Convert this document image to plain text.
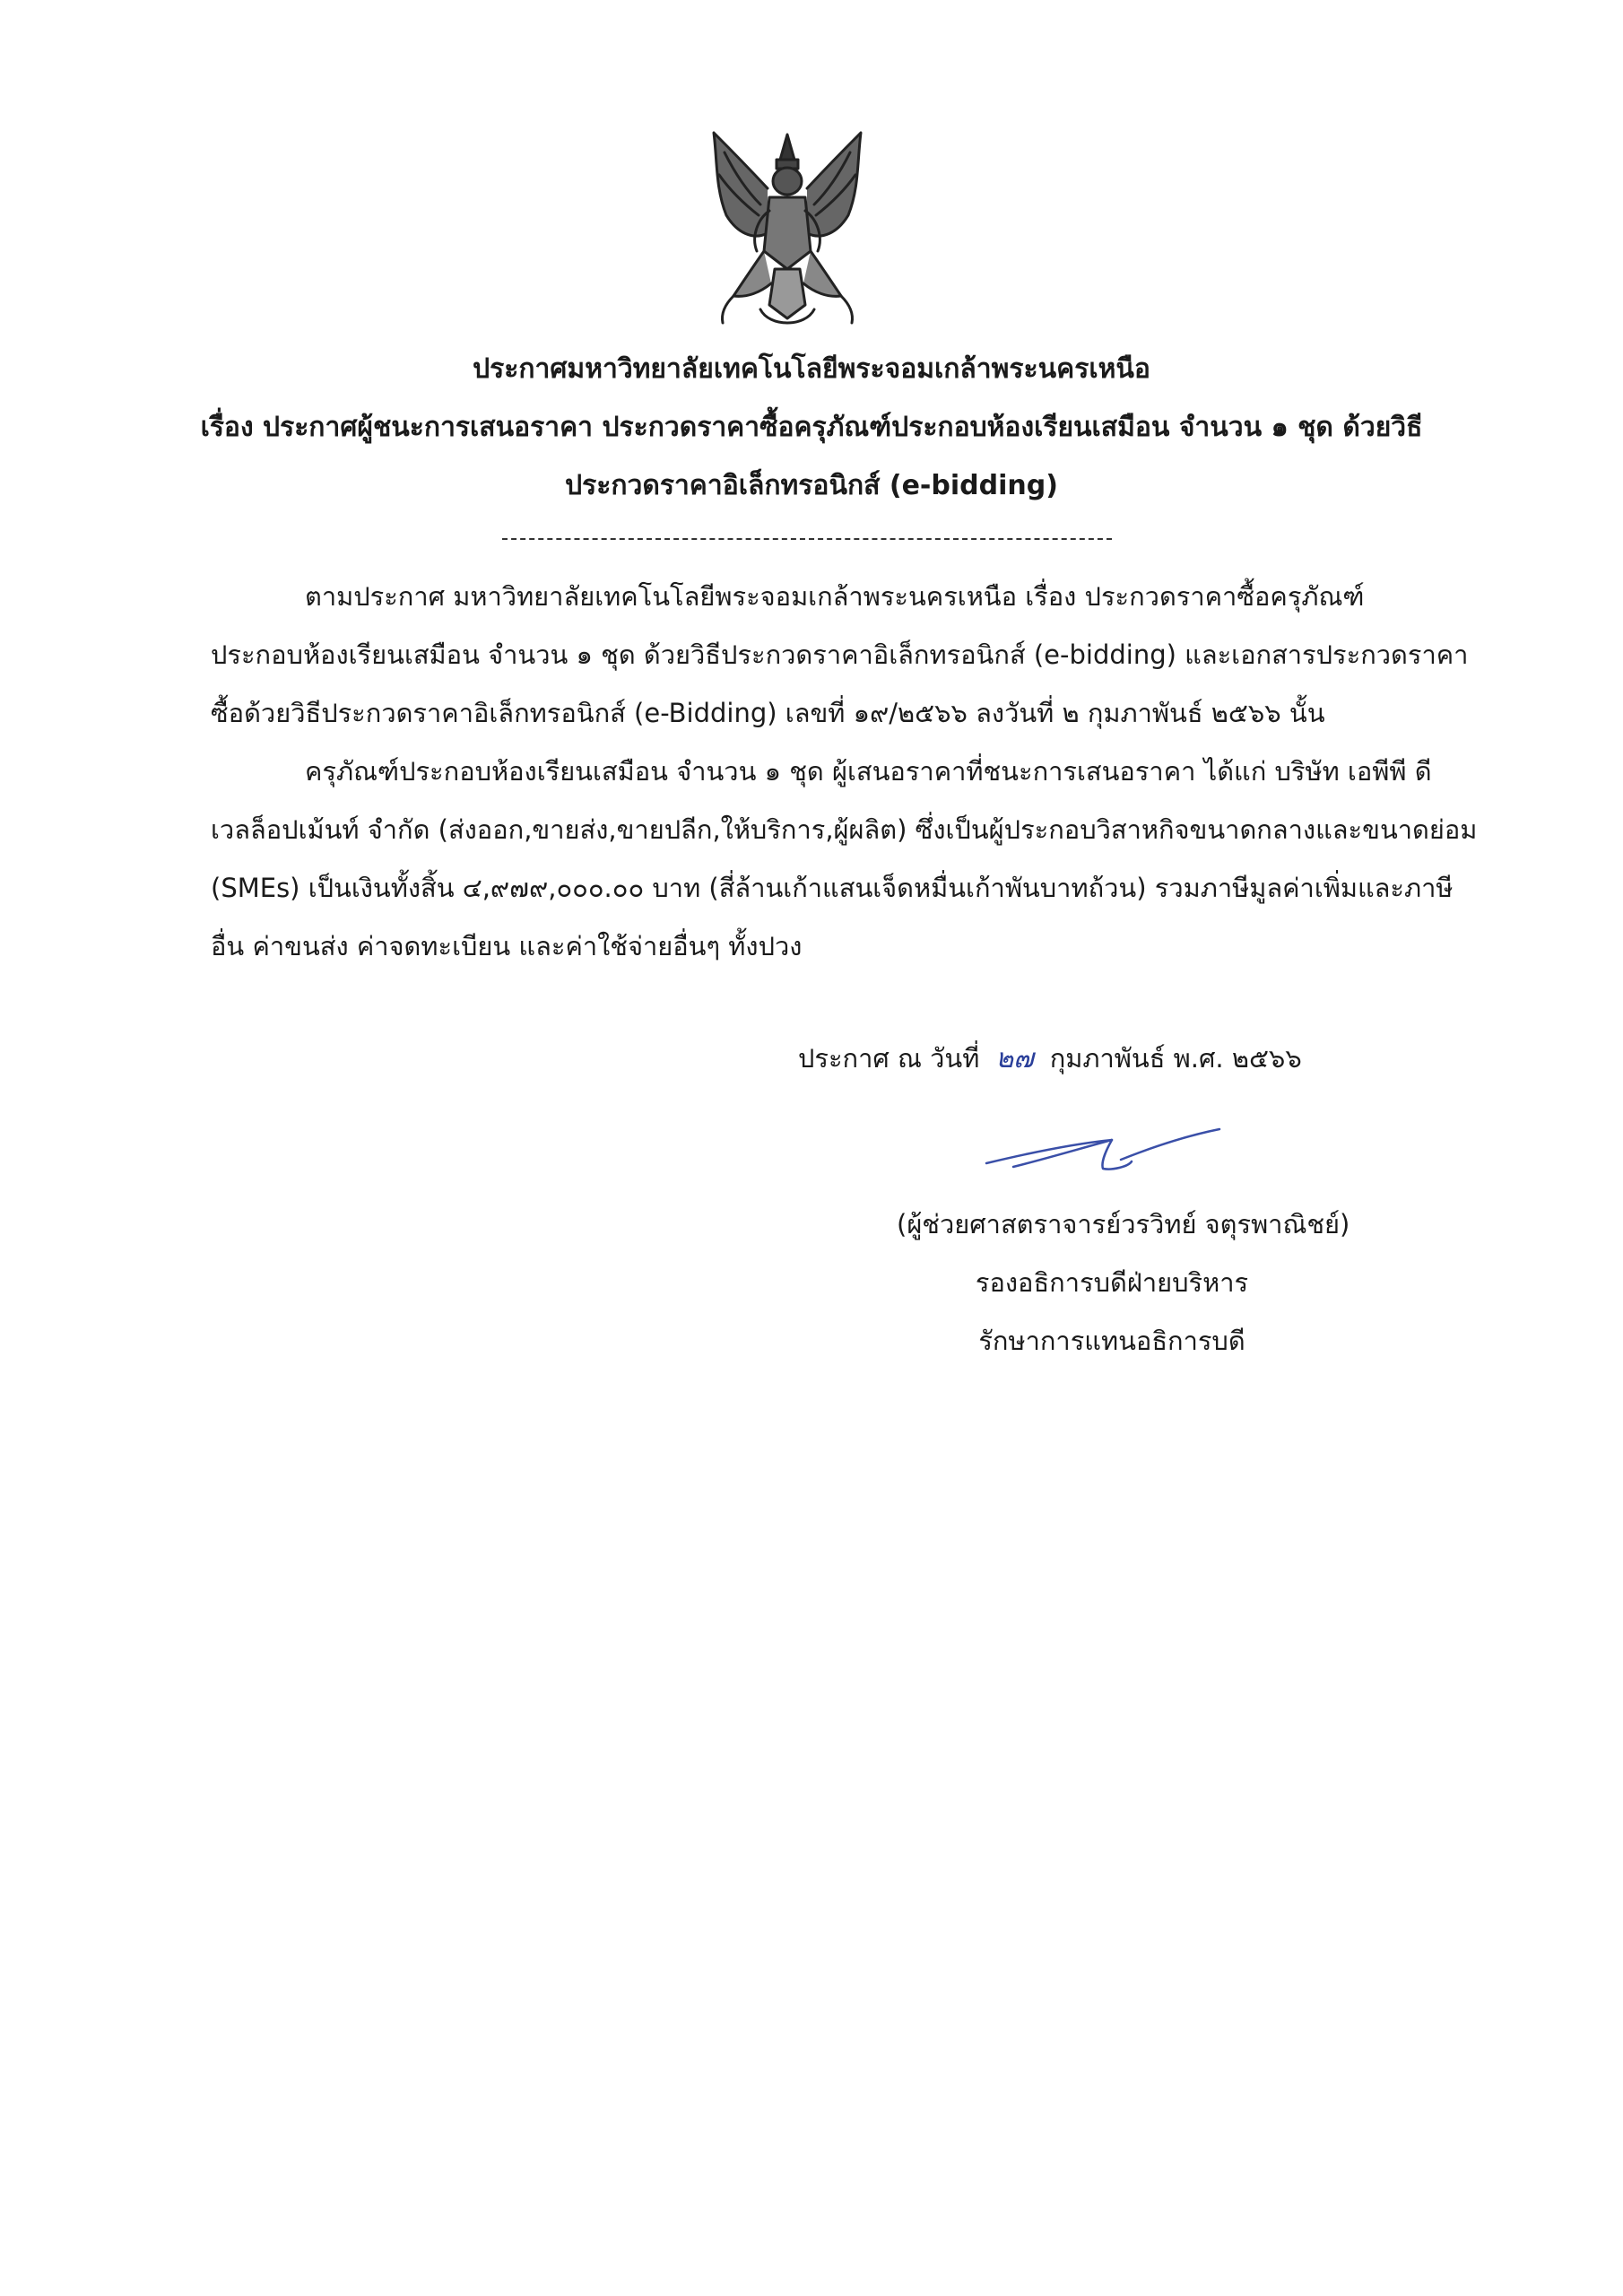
ประกาศมหาวิทยาลัยเทคโนโลยีพระจอมเกล้าพระนครเหนือ
เรื่อง ประกาศผู้ชนะการเสนอราคา ประกวดราคาซื้อครุภัณฑ์ประกอบห้องเรียนเสมือน จำนวน ๑ ชุด ด้วยวิธี
ประกวดราคาอิเล็กทรอนิกส์ (e-bidding)
ตามประกาศ มหาวิทยาลัยเทคโนโลยีพระจอมเกล้าพระนครเหนือ เรื่อง ประกวดราคาซื้อครุภัณฑ์
ประกอบห้องเรียนเสมือน จำนวน ๑ ชุด ด้วยวิธีประกวดราคาอิเล็กทรอนิกส์ (e-bidding) และเอกสารประกวดราคา
ซื้อด้วยวิธีประกวดราคาอิเล็กทรอนิกส์ (e-Bidding) เลขที่ ๑๙/๒๕๖๖ ลงวันที่ ๒ กุมภาพันธ์ ๒๕๖๖ นั้น
ครุภัณฑ์ประกอบห้องเรียนเสมือน จำนวน ๑ ชุด ผู้เสนอราคาที่ชนะการเสนอราคา ได้แก่ บริษัท เอพีพี ดี
เวลล็อปเม้นท์ จำกัด (ส่งออก,ขายส่ง,ขายปลีก,ให้บริการ,ผู้ผลิต) ซึ่งเป็นผู้ประกอบวิสาหกิจขนาดกลางและขนาดย่อม
(SMEs) เป็นเงินทั้งสิ้น ๔,๙๗๙,๐๐๐.๐๐ บาท (สี่ล้านเก้าแสนเจ็ดหมื่นเก้าพันบาทถ้วน) รวมภาษีมูลค่าเพิ่มและภาษี
อื่น ค่าขนส่ง ค่าจดทะเบียน และค่าใช้จ่ายอื่นๆ ทั้งปวง
ประกาศ ณ วันที่ ๒๗ กุมภาพันธ์ พ.ศ. ๒๕๖๖
(ผู้ช่วยศาสตราจารย์วรวิทย์ จตุรพาณิชย์)
รองอธิการบดีฝ่ายบริหาร
รักษาการแทนอธิการบดี
